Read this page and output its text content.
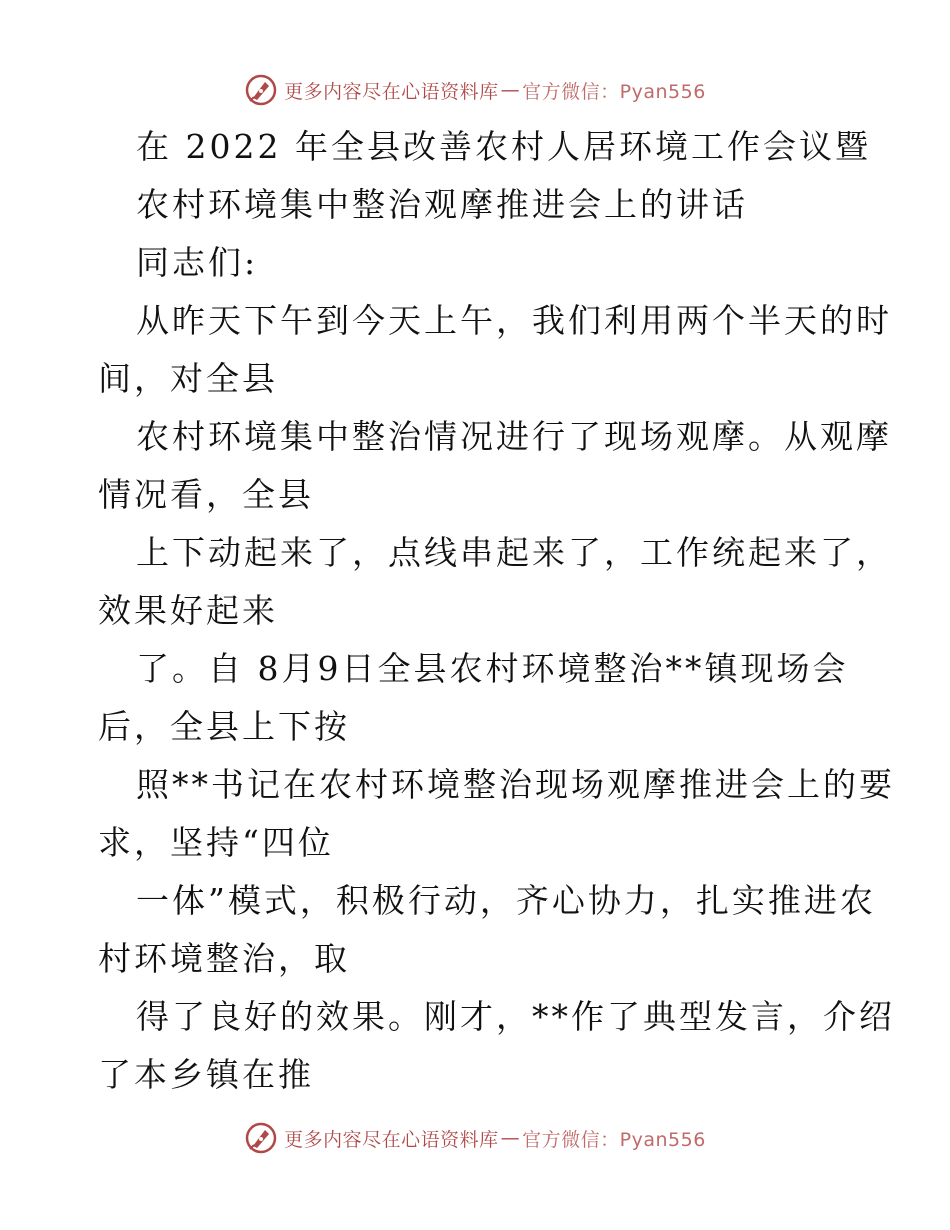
更多内容尽在心语资料库 — 官方微信：Pyan556
在 2022 年全县改善农村人居环境工作会议暨
农村环境集中整治观摩推进会上的讲话
同志们:
从昨天下午到今天上午，我们利用两个半天的时
间，对全县
农村环境集中整治情况进行了现场观摩。从观摩
情况看，全县
上下动起来了，点线串起来了，工作统起来了，
效果好起来
了。自 8月9日全县农村环境整治**镇现场会
后，全县上下按
照**书记在农村环境整治现场观摩推进会上的要
求，坚持“四位
一体”模式，积极行动，齐心协力，扎实推进农
村环境整治，取
得了良好的效果。刚才，**作了典型发言，介绍
了本乡镇在推
更多内容尽在心语资料库 — 官方微信：Pyan556
